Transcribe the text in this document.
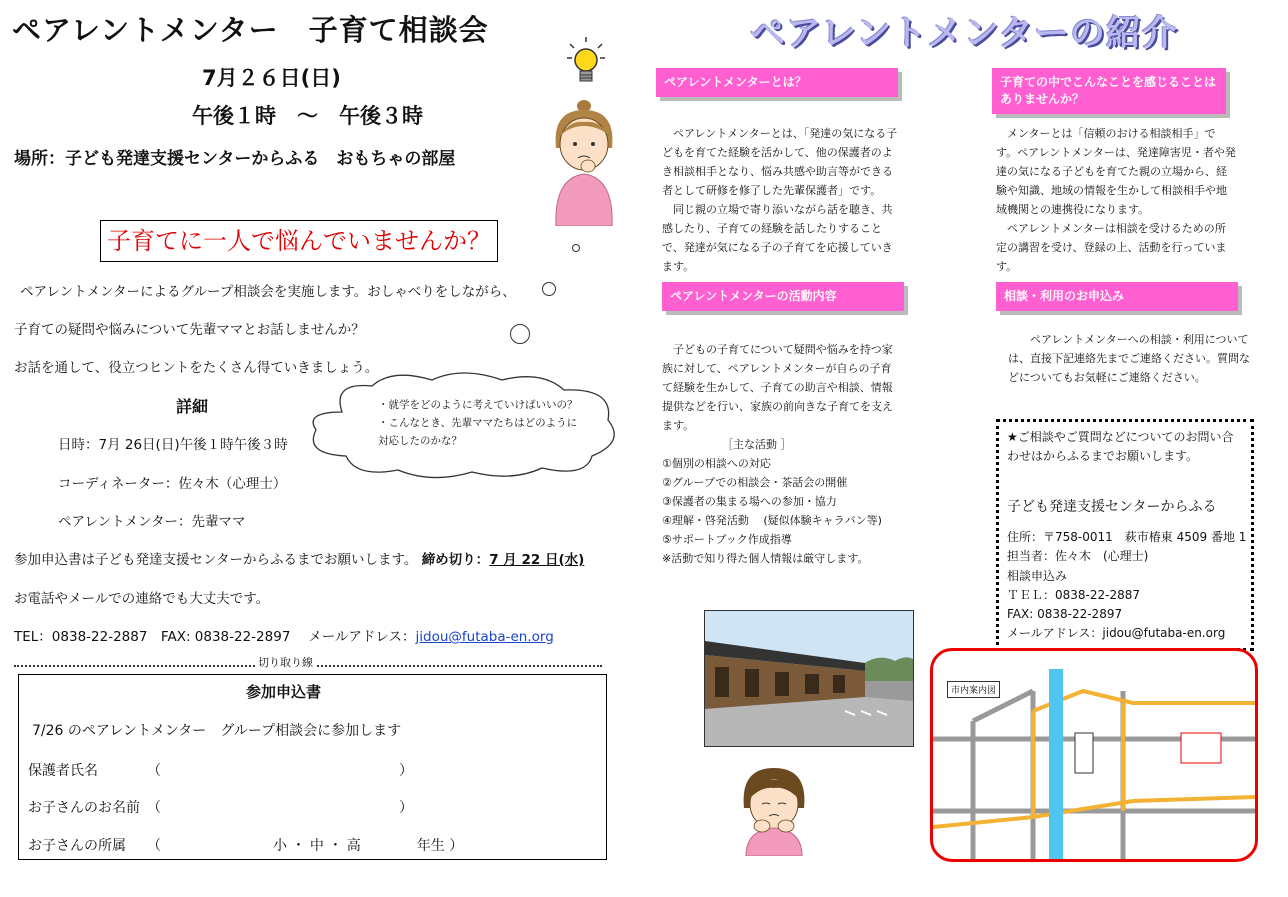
ペアレントメンター　子育て相談会
7月２６日(日)
午後１時　～　午後３時
場所：子ども発達支援センターからふる　おもちゃの部屋
子育てに一人で悩んでいませんか？
ペアレントメンターによるグループ相談会を実施します。おしゃべりをしながら、
子育ての疑問や悩みについて先輩ママとお話しませんか？
お話を通して、役立つヒントをたくさん得ていきましょう。
・就学をどのように考えていけばいいの？
・こんなとき、先輩ママたちはどのように
対応したのかな？
詳細
日時：7月 26日(日)午後１時午後３時
コーディネーター：佐々木（心理士）
ペアレントメンター：先輩ママ
参加申込書は子ども発達支援センターからふるまでお願いします。 締め切り：7 月 22 日(水)
お電話やメールでの連絡でも大丈夫です。
TEL：0838-22-2887　FAX: 0838-22-2897　 メールアドレス：jidou@futaba-en.org
切り取り線
参加申込書
7/26 のペアレントメンター　グループ相談会に参加します
保護者氏名　　　　（　　　　　　　　　　　　　　　　　）
お子さんのお名前　（　　　　　　　　　　　　　　　　　）
お子さんの所属　　（　　　　　　　　小 ・ 中 ・ 高　　　　年生 ）
ペアレントメンターの紹介
ペアレントメンターとは？

　ペアレントメンターとは、「発達の気になる子どもを育てた経験を活かして、他の保護者のよき相談相手となり、悩み共感や助言等ができる者として研修を修了した先輩保護者」です。

　同じ親の立場で寄り添いながら話を聴き、共感したり、子育ての経験を話したりすることで、発達が気になる子の子育てを応援していきます。

子育ての中でこんなことを感じることはありませんか？

　メンターとは「信頼のおける相談相手」です。ペアレントメンターは、発達障害児・者や発達の気になる子どもを育てた親の立場から、経験や知識、地域の情報を生かして相談相手や地域機関との連携役になります。

　ペアレントメンターは相談を受けるための所定の講習を受け、登録の上、活動を行っています。

ペアレントメンターの活動内容

　子どもの子育てについて疑問や悩みを持つ家族に対して、ペアレントメンターが自らの子育て経験を生かして、子育ての助言や相談、情報提供などを行い、家族の前向きな子育てを支えます。

［主な活動 ］

①個別の相談への対応

②グループでの相談会・茶話会の開催

③保護者の集まる場への参加・協力

④理解・啓発活動　 (疑似体験キャラバン等)

⑤サポートブック作成指導

※活動で知り得た個人情報は厳守します。

相談・利用のお申込み

　　ペアレントメンターへの相談・利用については、直接下記連絡先までご連絡ください。質問などについてもお気軽にご連絡ください。

★ご相談やご質問などについてのお問い合わせはからふるまでお願いします。
子ども発達支援センターからふる
住所：〒758-0011　萩市椿東 4509 番地 1
担当者：佐々木　(心理士)
相談申込み
ＴＥＬ：0838-22-2887
FAX: 0838-22-2897
メールアドレス：jidou@futaba-en.org
市内案内図
